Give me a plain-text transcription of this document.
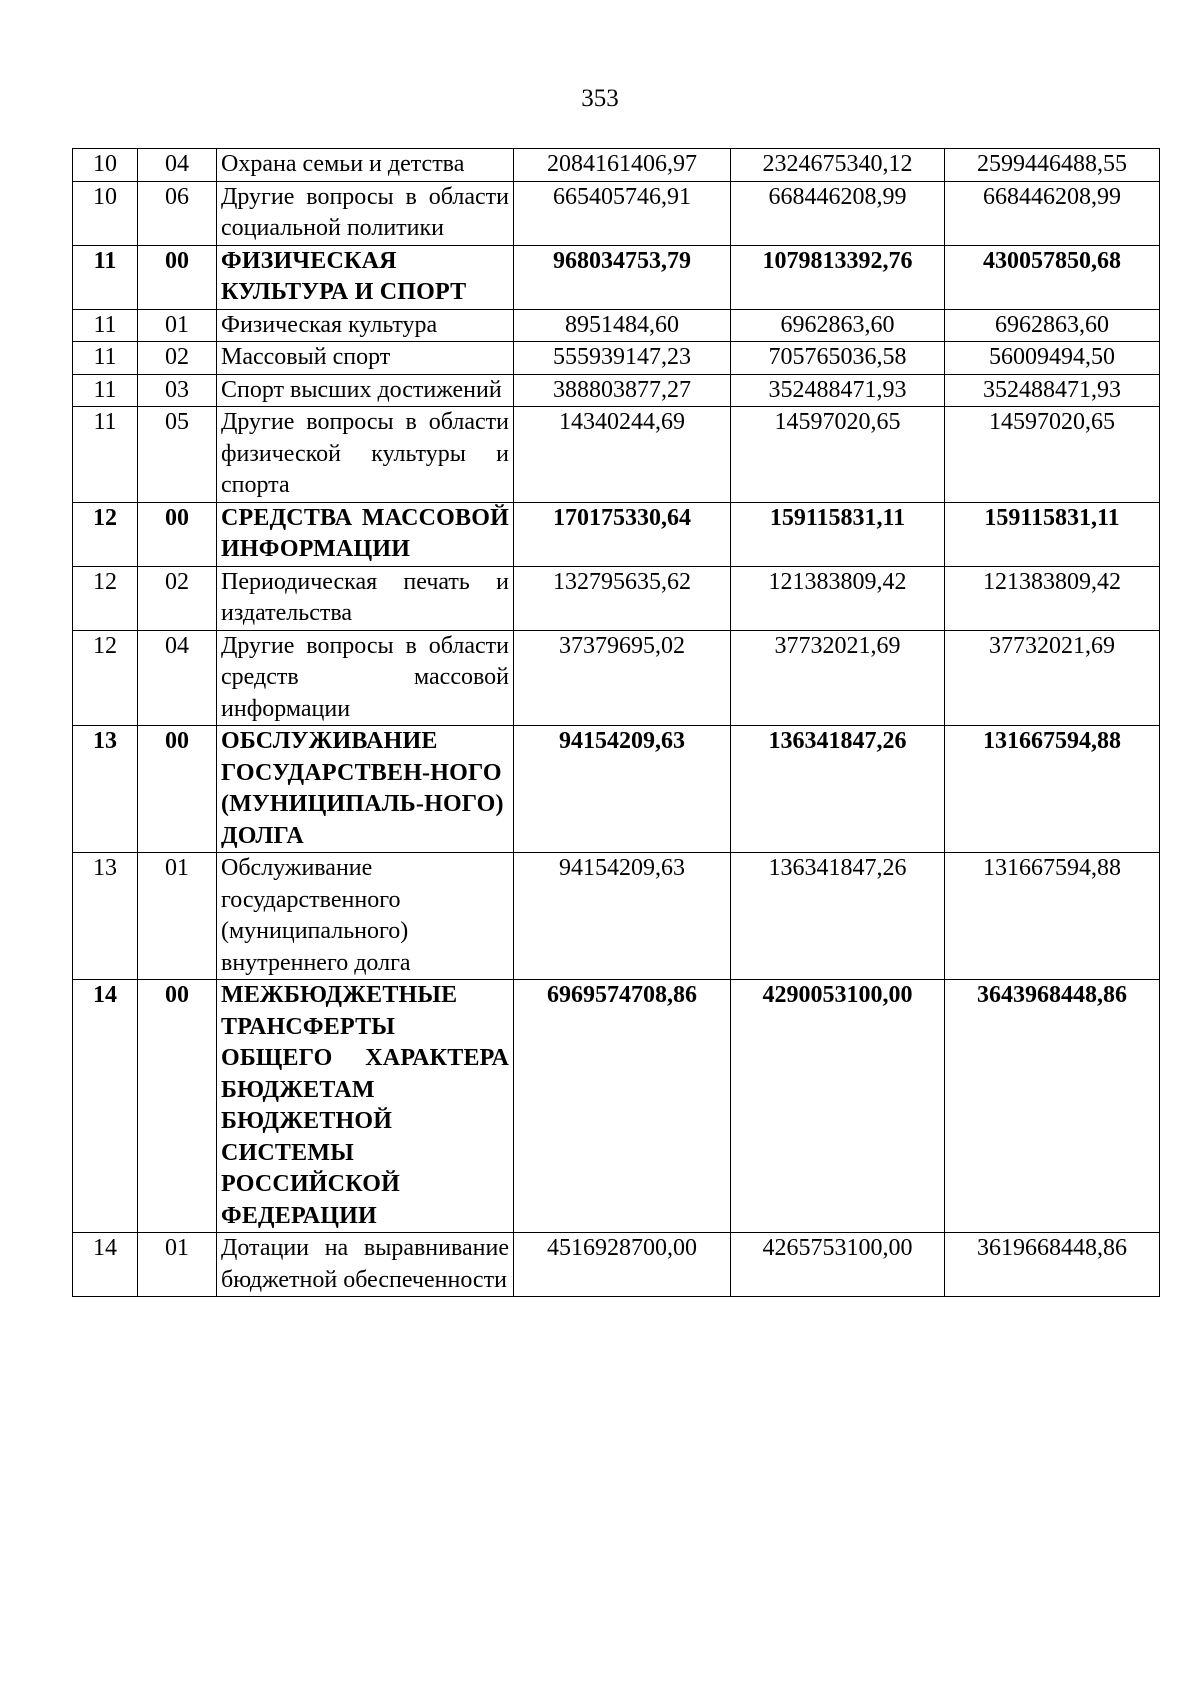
353
10	04	Охрана семьи и детства	2084161406,97	2324675340,12	2599446488,55
10	06	Другие вопросы в области социальной политики	665405746,91	668446208,99	668446208,99
11	00	ФИЗИЧЕСКАЯ КУЛЬТУРА И СПОРТ	968034753,79	1079813392,76	430057850,68
11	01	Физическая культура	8951484,60	6962863,60	6962863,60
11	02	Массовый спорт	555939147,23	705765036,58	56009494,50
11	03	Спорт высших достижений	388803877,27	352488471,93	352488471,93
11	05	Другие вопросы в области физической культуры и спорта	14340244,69	14597020,65	14597020,65
12	00	СРЕДСТВА МАССОВОЙ ИНФОРМАЦИИ	170175330,64	159115831,11	159115831,11
12	02	Периодическая печать и издательства	132795635,62	121383809,42	121383809,42
12	04	Другие вопросы в области средств массовой информации	37379695,02	37732021,69	37732021,69
13	00	ОБСЛУЖИВАНИЕ ГОСУДАРСТВЕН-НОГО (МУНИЦИПАЛЬ-НОГО) ДОЛГА	94154209,63	136341847,26	131667594,88
13	01	Обслуживание государственного (муниципального) внутреннего долга	94154209,63	136341847,26	131667594,88
14	00	МЕЖБЮДЖЕТНЫЕ ТРАНСФЕРТЫ ОБЩЕГО ХАРАКТЕРА БЮДЖЕТАМ БЮДЖЕТНОЙ СИСТЕМЫ РОССИЙСКОЙ ФЕДЕРАЦИИ	6969574708,86	4290053100,00	3643968448,86
14	01	Дотации на выравнивание бюджетной обеспеченности	4516928700,00	4265753100,00	3619668448,86
